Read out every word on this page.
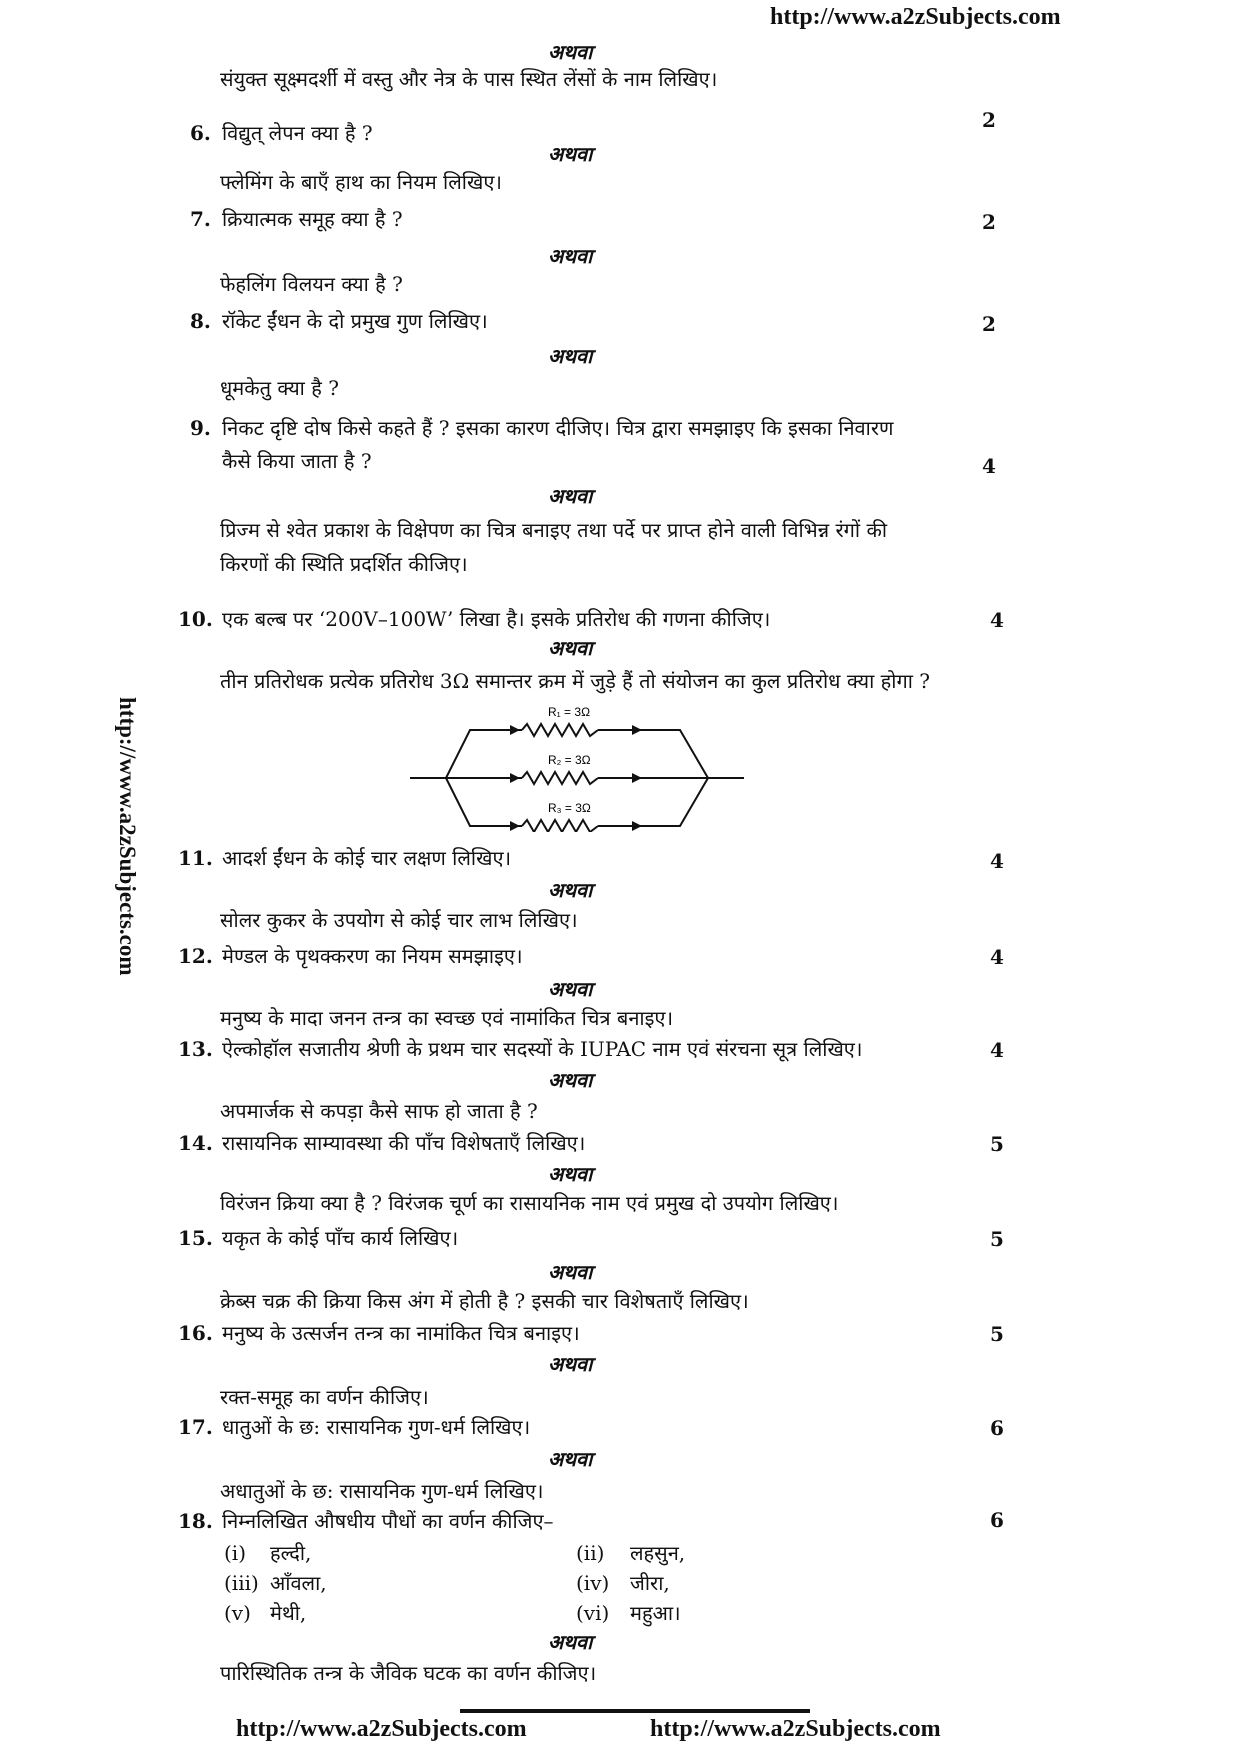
http://www.a2zSubjects.com
http://www.a2zSubjects.com
अथवा
संयुक्त सूक्ष्मदर्शी में वस्तु और नेत्र के पास स्थित लेंसों के नाम लिखिए।
6. विद्युत् लेपन क्या है ?
2
अथवा
फ्लेमिंग के बाएँ हाथ का नियम लिखिए।
7. क्रियात्मक समूह क्या है ?	2
अथवा
फेहलिंग विलयन क्या है ?
8. रॉकेट ईंधन के दो प्रमुख गुण लिखिए।	2
अथवा
धूमकेतु क्या है ?
9. निकट दृष्टि दोष किसे कहते हैं ? इसका कारण दीजिए। चित्र द्वारा समझाइए कि इसका निवारण
कैसे किया जाता है ?	4
अथवा
प्रिज्म से श्वेत प्रकाश के विक्षेपण का चित्र बनाइए तथा पर्दे पर प्राप्त होने वाली विभिन्न रंगों की
किरणों की स्थिति प्रदर्शित कीजिए।
10. एक बल्ब पर ‘200V–100W’ लिखा है। इसके प्रतिरोध की गणना कीजिए।	4
अथवा
तीन प्रतिरोधक प्रत्येक प्रतिरोध 3Ω समान्तर क्रम में जुड़े हैं तो संयोजन का कुल प्रतिरोध क्या होगा ?
R₁ = 3Ω
R₂ = 3Ω
R₃ = 3Ω
11. आदर्श ईंधन के कोई चार लक्षण लिखिए।	4
अथवा
सोलर कुकर के उपयोग से कोई चार लाभ लिखिए।
12. मेण्डल के पृथक्करण का नियम समझाइए।	4
अथवा
मनुष्य के मादा जनन तन्त्र का स्वच्छ एवं नामांकित चित्र बनाइए।
13. ऐल्कोहॉल सजातीय श्रेणी के प्रथम चार सदस्यों के IUPAC नाम एवं संरचना सूत्र लिखिए।	4
अथवा
अपमार्जक से कपड़ा कैसे साफ हो जाता है ?
14. रासायनिक साम्यावस्था की पाँच विशेषताएँ लिखिए।	5
अथवा
विरंजन क्रिया क्या है ? विरंजक चूर्ण का रासायनिक नाम एवं प्रमुख दो उपयोग लिखिए।
15. यकृत के कोई पाँच कार्य लिखिए।	5
अथवा
क्रेब्स चक्र की क्रिया किस अंग में होती है ? इसकी चार विशेषताएँ लिखिए।
16. मनुष्य के उत्सर्जन तन्त्र का नामांकित चित्र बनाइए।	5
अथवा
रक्त-समूह का वर्णन कीजिए।
17. धातुओं के छ: रासायनिक गुण-धर्म लिखिए।	6
अथवा
अधातुओं के छ: रासायनिक गुण-धर्म लिखिए।
18. निम्नलिखित औषधीय पौधों का वर्णन कीजिए–	6
(i) हल्दी,	(ii) लहसुन,
(iii) आँवला,	(iv) जीरा,
(v) मेथी,	(vi) महुआ।
अथवा
पारिस्थितिक तन्त्र के जैविक घटक का वर्णन कीजिए।
http://www.a2zSubjects.com	http://www.a2zSubjects.com
